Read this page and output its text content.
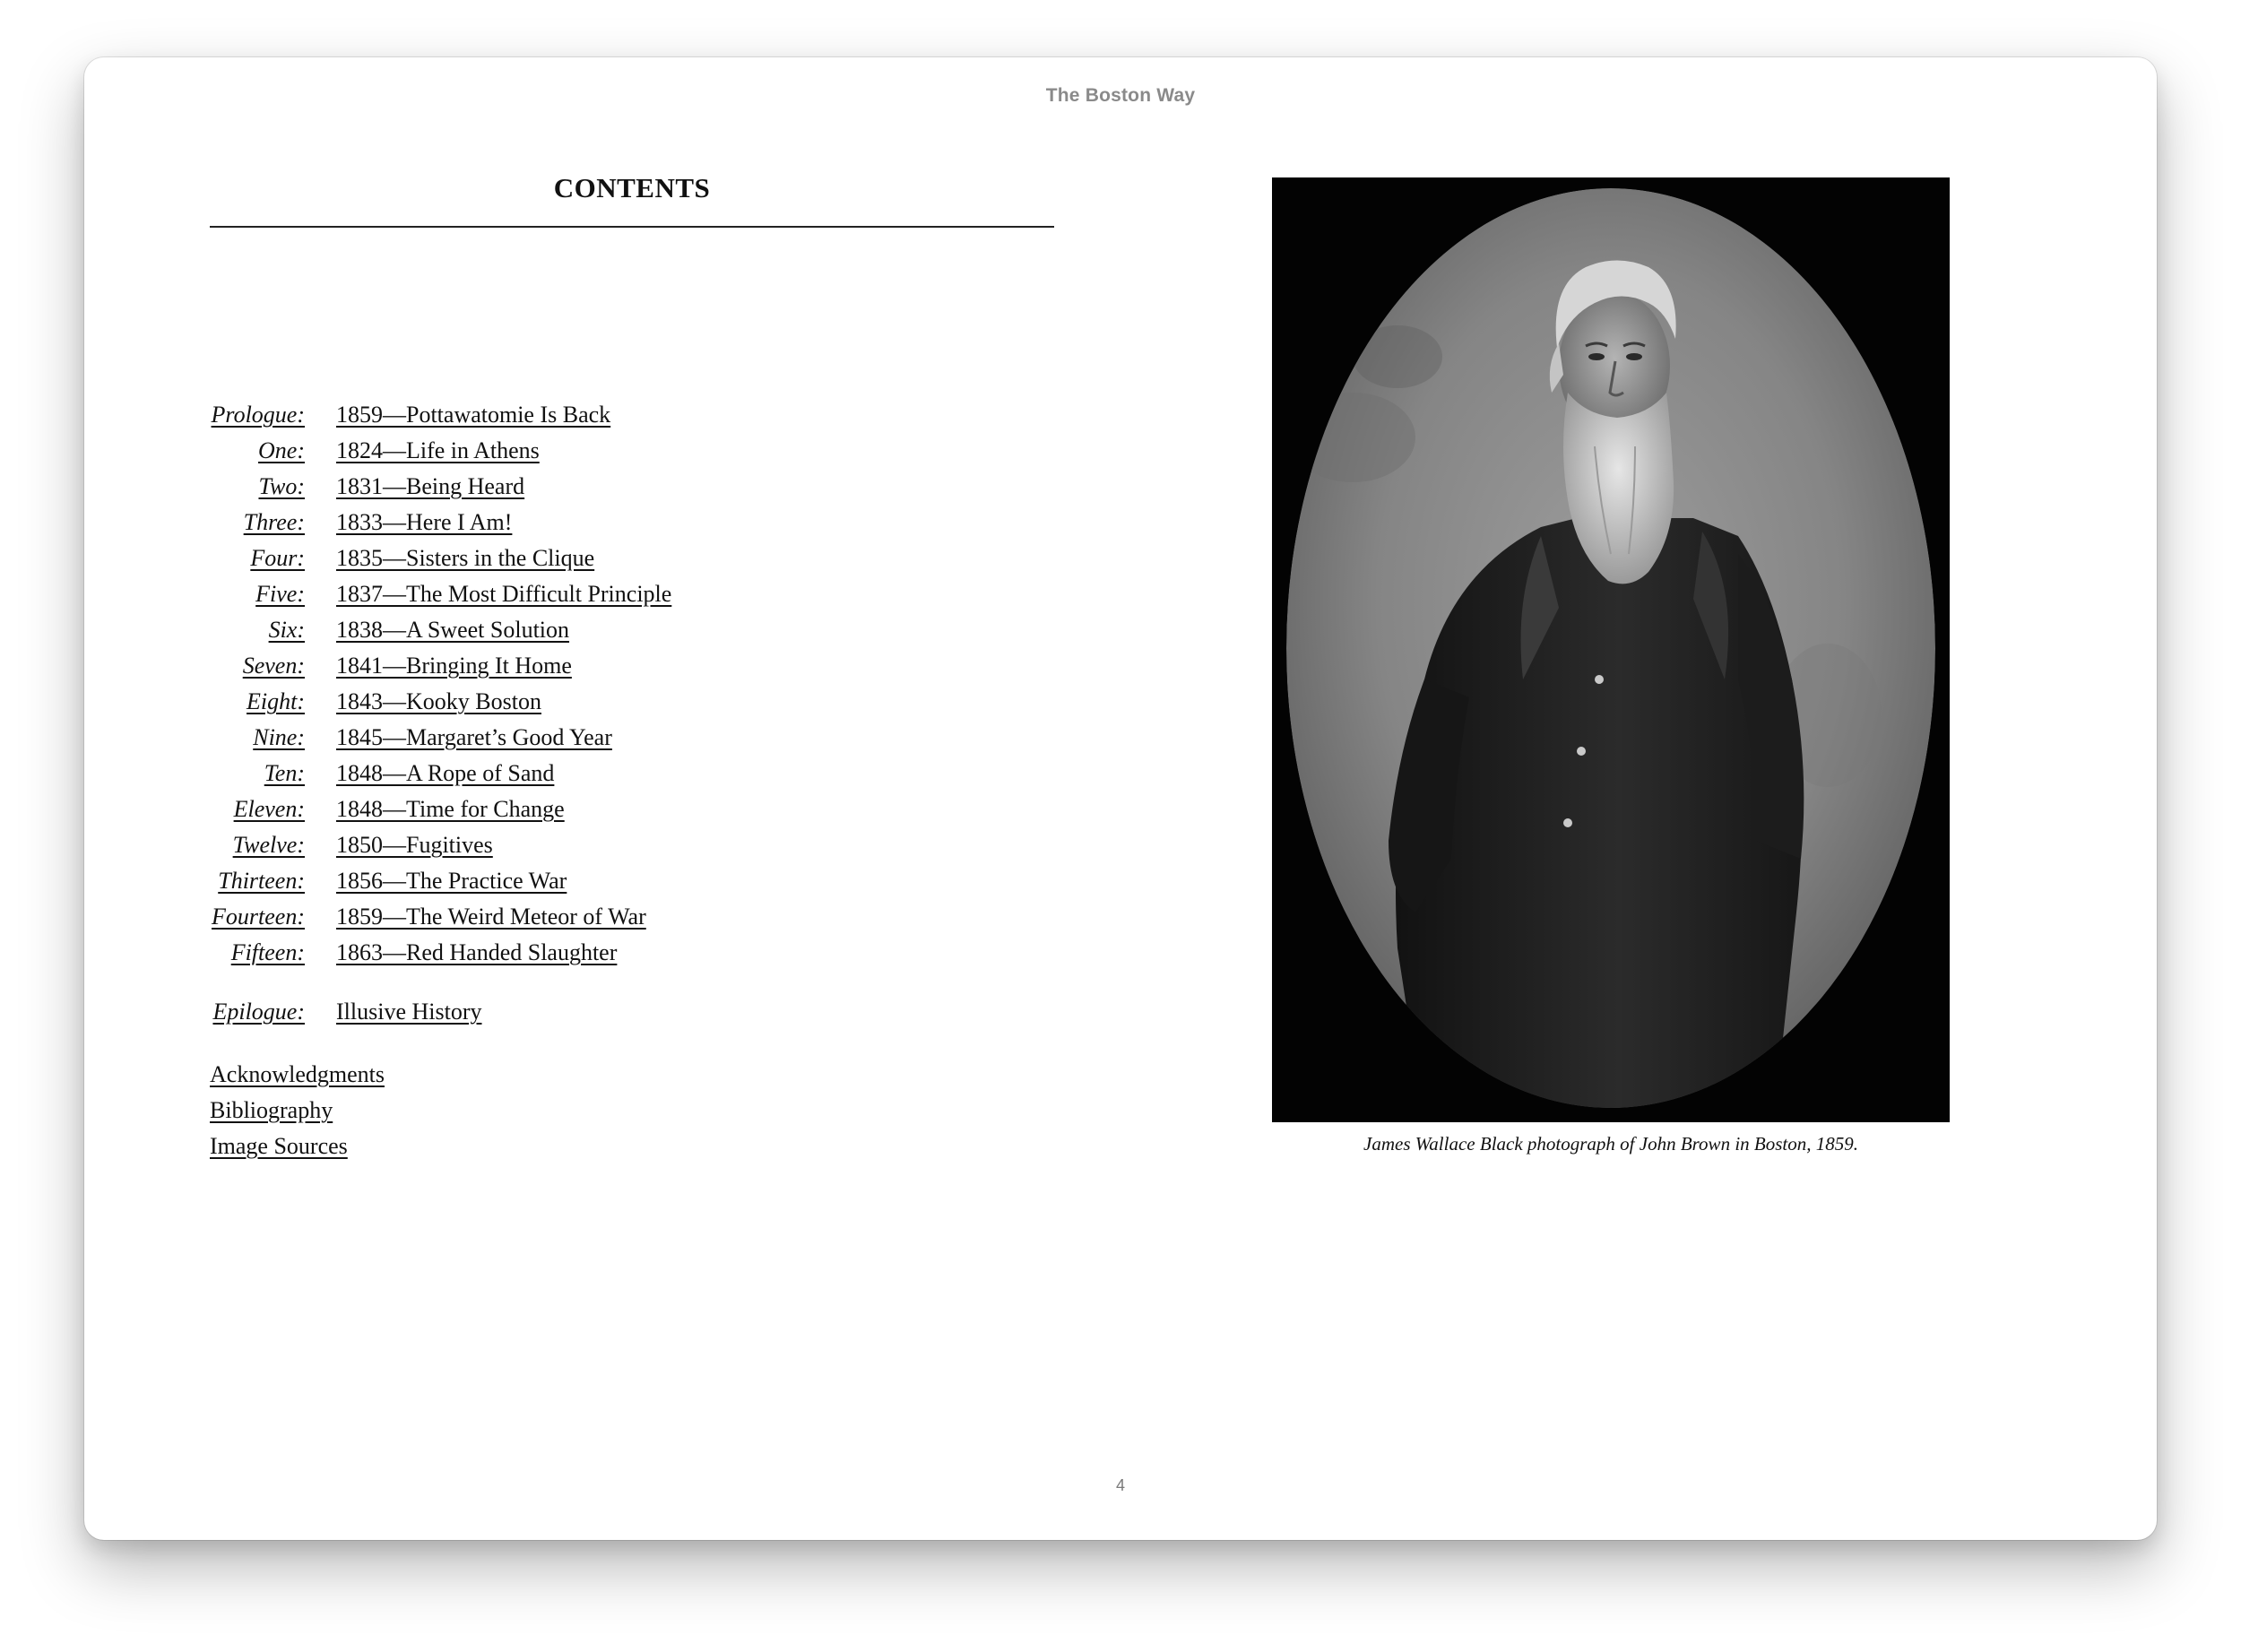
The Boston Way
CONTENTS
Prologue: 1859—Pottawatomie Is Back
One: 1824—Life in Athens
Two: 1831—Being Heard
Three: 1833—Here I Am!
Four: 1835—Sisters in the Clique
Five: 1837—The Most Difficult Principle
Six: 1838—A Sweet Solution
Seven: 1841—Bringing It Home
Eight: 1843—Kooky Boston
Nine: 1845—Margaret’s Good Year
Ten: 1848—A Rope of Sand
Eleven: 1848—Time for Change
Twelve: 1850—Fugitives
Thirteen: 1856—The Practice War
Fourteen: 1859—The Weird Meteor of War
Fifteen: 1863—Red Handed Slaughter
Epilogue: Illusive History
Acknowledgments
Bibliography
Image Sources	James Wallace Black photograph of John Brown in Boston, 1859.
4
